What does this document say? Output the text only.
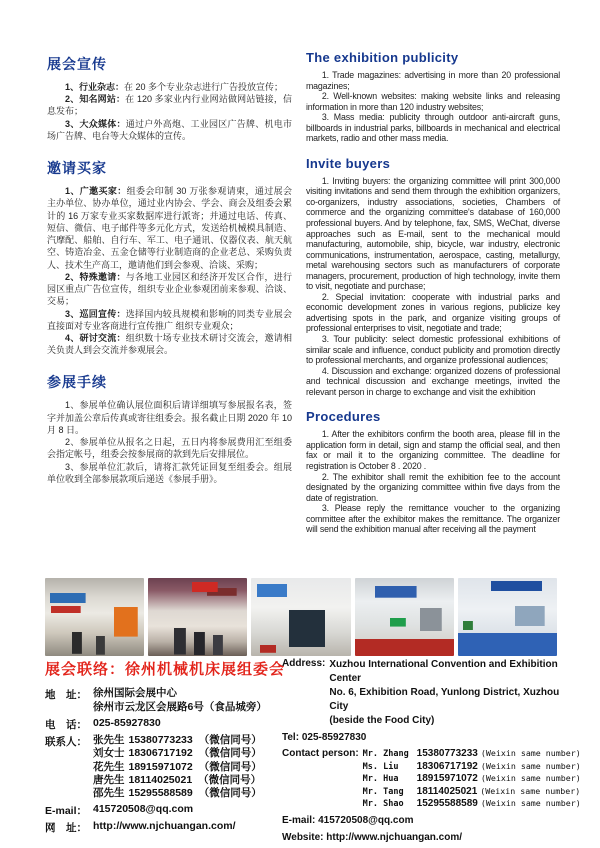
展会宣传

1、行业杂志：在 20 多个专业杂志进行广告投放宣传；

2、知名网站：在 120 多家业内行业网站做网站链接，信息发布；

3、大众媒体：通过户外高炮、工业园区广告牌、机电市场广告牌、电台等大众媒体的宣传。

邀请买家

1、广邀买家：组委会印制 30 万张参观请柬，通过展会主办单位、协办单位，通过业内协会、学会、商会及组委会累计的 16 万家专业买家数据库进行派寄；并通过电话、传真、短信、微信、电子邮件等多元化方式，发送给机械模具制造、汽摩配、船舶、自行车、军工、电子通讯、仪器仪表、航天航空、铸造冶金、五金仓储等行业制造商的企业老总、采购负责人、技术生产高工，邀请他们到会参观、洽谈、采购；

2、特殊邀请：与各地工业园区和经济开发区合作，进行园区重点广告位宣传，组织专业企业参观团前来参观、洽谈、交易；

3、巡回宣传：选择国内较具规模和影响的同类专业展会 直接面对专业客商进行宣传推广 组织专业观众；

4、研讨交流：组织数十场专业技术研讨交流会，邀请相关负责人到会交流并参观展会。

参展手续

1、参展单位确认展位面积后请详细填写参展报名表，签字并加盖公章后传真或寄往组委会。报名截止日期 2020 年 10 月 8 日。

2、参展单位从报名之日起，五日内将参展费用汇至组委会指定帐号，组委会按参展商的款到先后安排展位。

3、参展单位汇款后，请将汇款凭证回复至组委会。组展单位收到全部参展款项后递送《参展手册》。

The exhibition publicity

1. Trade magazines: advertising in more than 20 professional magazines;

2. Well-known websites: making website links and releasing information in more than 120 industry websites;

3. Mass media: publicity through outdoor anti-aircraft guns, billboards in industrial parks, billboards in mechanical and electrical markets, radio and other mass media.

Invite buyers

1. Inviting buyers: the organizing committee will print 300,000 visiting invitations and send them through the exhibition organizers, co-organizers, industry associations, societies, Chambers of commerce and the organizing committee's database of 160,000 professional buyers. And by telephone, fax, SMS, WeChat, diverse approaches such as E-mail, sent to the mechanical mould manufacturing, automobile, ship, bicycle, war industry, electronic communications, instrumentation, aerospace, casting, metallurgy, metal warehousing sectors such as manufacturers of corporate managers, procurement, production of high technology, invite them to visit, negotiate and purchase;

2. Special invitation: cooperate with industrial parks and economic development zones in various regions, publicize key advertising spots in the park, and organize visiting groups of professional enterprises to visit, negotiate and trade;

3. Tour publicity: select domestic professional exhibitions of similar scale and influence, conduct publicity and promotion directly to professional merchants, and organize professional audiences;

4. Discussion and exchange: organized dozens of professional and technical discussion and exchange meetings, invited the relevant person in charge to exchange and visit the exhibition

Procedures

1. After the exhibitors confirm the booth area, please fill in the application form in detail, sign and stamp the official seal, and then fax or mail it to the organizing committee. The deadline for registration is October 8 . 2020 .

2. The exhibitor shall remit the exhibition fee to the account designated by the organizing committee within five days from the date of registration.

3. Please reply the remittance voucher to the organizing committee after the exhibitor makes the remittance. The organizer will send the exhibition manual after receiving all the payment

展会联络：徐州机械机床展组委会
地　址： 徐州国际会展中心
徐州市云龙区会展路6号（食品城旁）
电　话： 025-85927830
联系人： 张先生 15380773233 （微信同号）
刘女士 18306717192 （微信同号）
花先生 18915971072 （微信同号）
唐先生 18114025021 （微信同号）
邵先生 15295588589 （微信同号）
E-mail： 415720508@qq.com
网　址： http://www.njchuangan.com/
Address: Xuzhou International Convention and Exhibition Center
No. 6, Exhibition Road, Yunlong District, Xuzhou City
(beside the Food City)
Tel: 025-85927830
Contact person: Mr. Zhang 15380773233 (Weixin same number)
Ms. Liu 18306717192 (Weixin same number)
Mr. Hua 18915971072 (Weixin same number)
Mr. Tang 18114025021 (Weixin same number)
Mr. Shao 15295588589 (Weixin same number)
E-mail: 415720508@qq.com
Website: http://www.njchuangan.com/
